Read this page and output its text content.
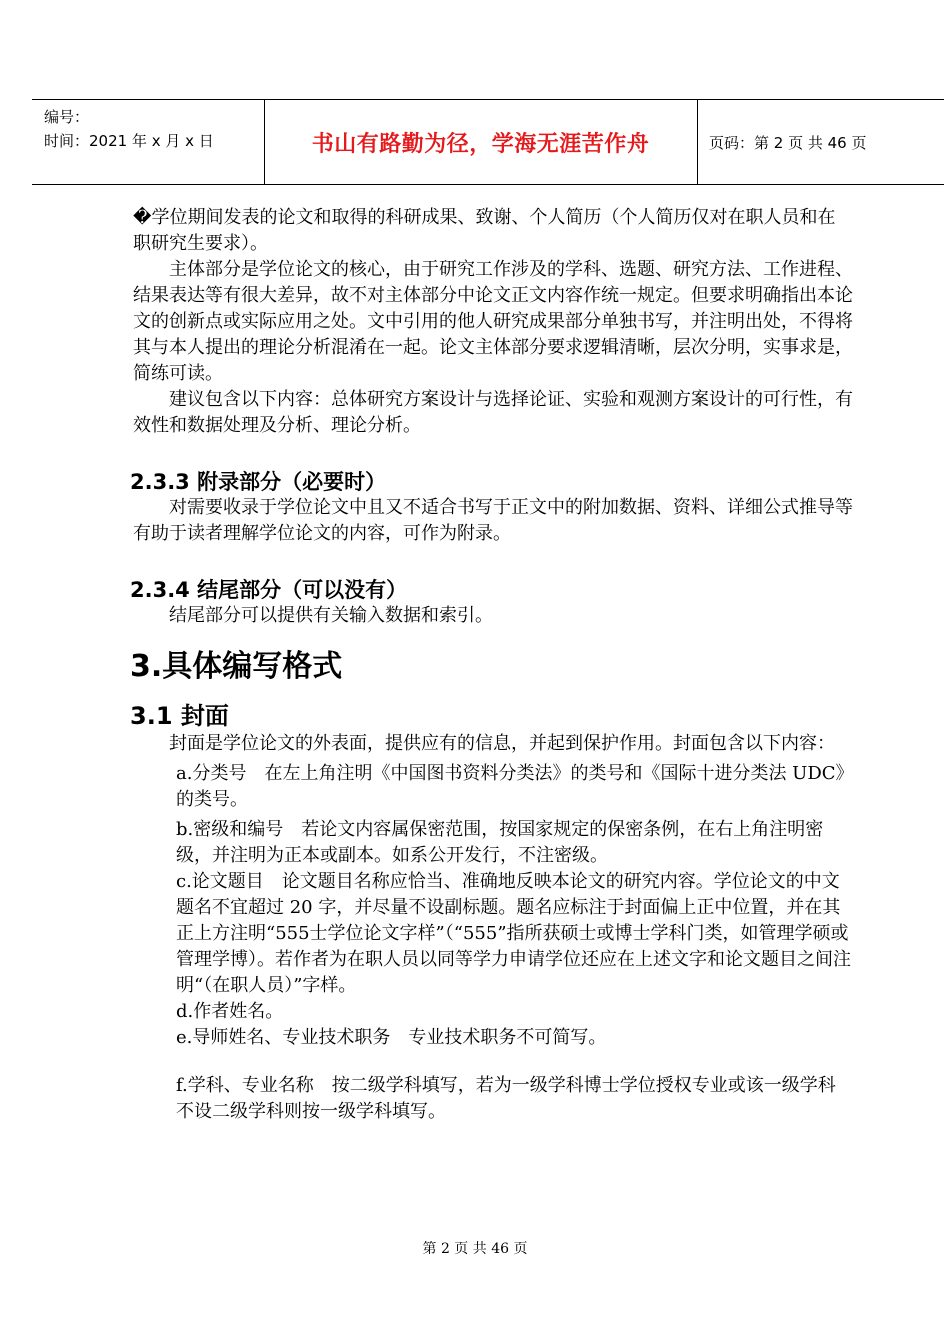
编号：
时间：2021 年 x 月 x 日	书山有路勤为径，学海无涯苦作舟	页码：第 2 页 共 46 页

�学位期间发表的论文和取得的科研成果、致谢、个人简历（个人简历仅对在职人员和在职研究生要求）。

主体部分是学位论文的核心，由于研究工作涉及的学科、选题、研究方法、工作进程、结果表达等有很大差异，故不对主体部分中论文正文内容作统一规定。但要求明确指出本论文的创新点或实际应用之处。文中引用的他人研究成果部分单独书写，并注明出处，不得将其与本人提出的理论分析混淆在一起。论文主体部分要求逻辑清晰，层次分明，实事求是，简练可读。

建议包含以下内容：总体研究方案设计与选择论证、实验和观测方案设计的可行性，有效性和数据处理及分析、理论分析。

2.3.3 附录部分（必要时）

对需要收录于学位论文中且又不适合书写于正文中的附加数据、资料、详细公式推导等有助于读者理解学位论文的内容，可作为附录。

2.3.4 结尾部分（可以没有）

结尾部分可以提供有关输入数据和索引。

3.具体编写格式
3.1 封面

封面是学位论文的外表面，提供应有的信息，并起到保护作用。封面包含以下内容：

a.分类号　在左上角注明《中国图书资料分类法》的类号和《国际十进分类法 UDC》的类号。

b.密级和编号　若论文内容属保密范围，按国家规定的保密条例，在右上角注明密级，并注明为正本或副本。如系公开发行，不注密级。

c.论文题目　论文题目名称应恰当、准确地反映本论文的研究内容。学位论文的中文题名不宜超过 20 字，并尽量不设副标题。题名应标注于封面偏上正中位置，并在其正上方注明“555士学位论文字样”（“555”指所获硕士或博士学科门类，如管理学硕或管理学博）。若作者为在职人员以同等学力申请学位还应在上述文字和论文题目之间注明“（在职人员）”字样。

d.作者姓名。

e.导师姓名、专业技术职务　专业技术职务不可简写。

f.学科、专业名称　按二级学科填写，若为一级学科博士学位授权专业或该一级学科不设二级学科则按一级学科填写。

第 2 页 共 46 页
